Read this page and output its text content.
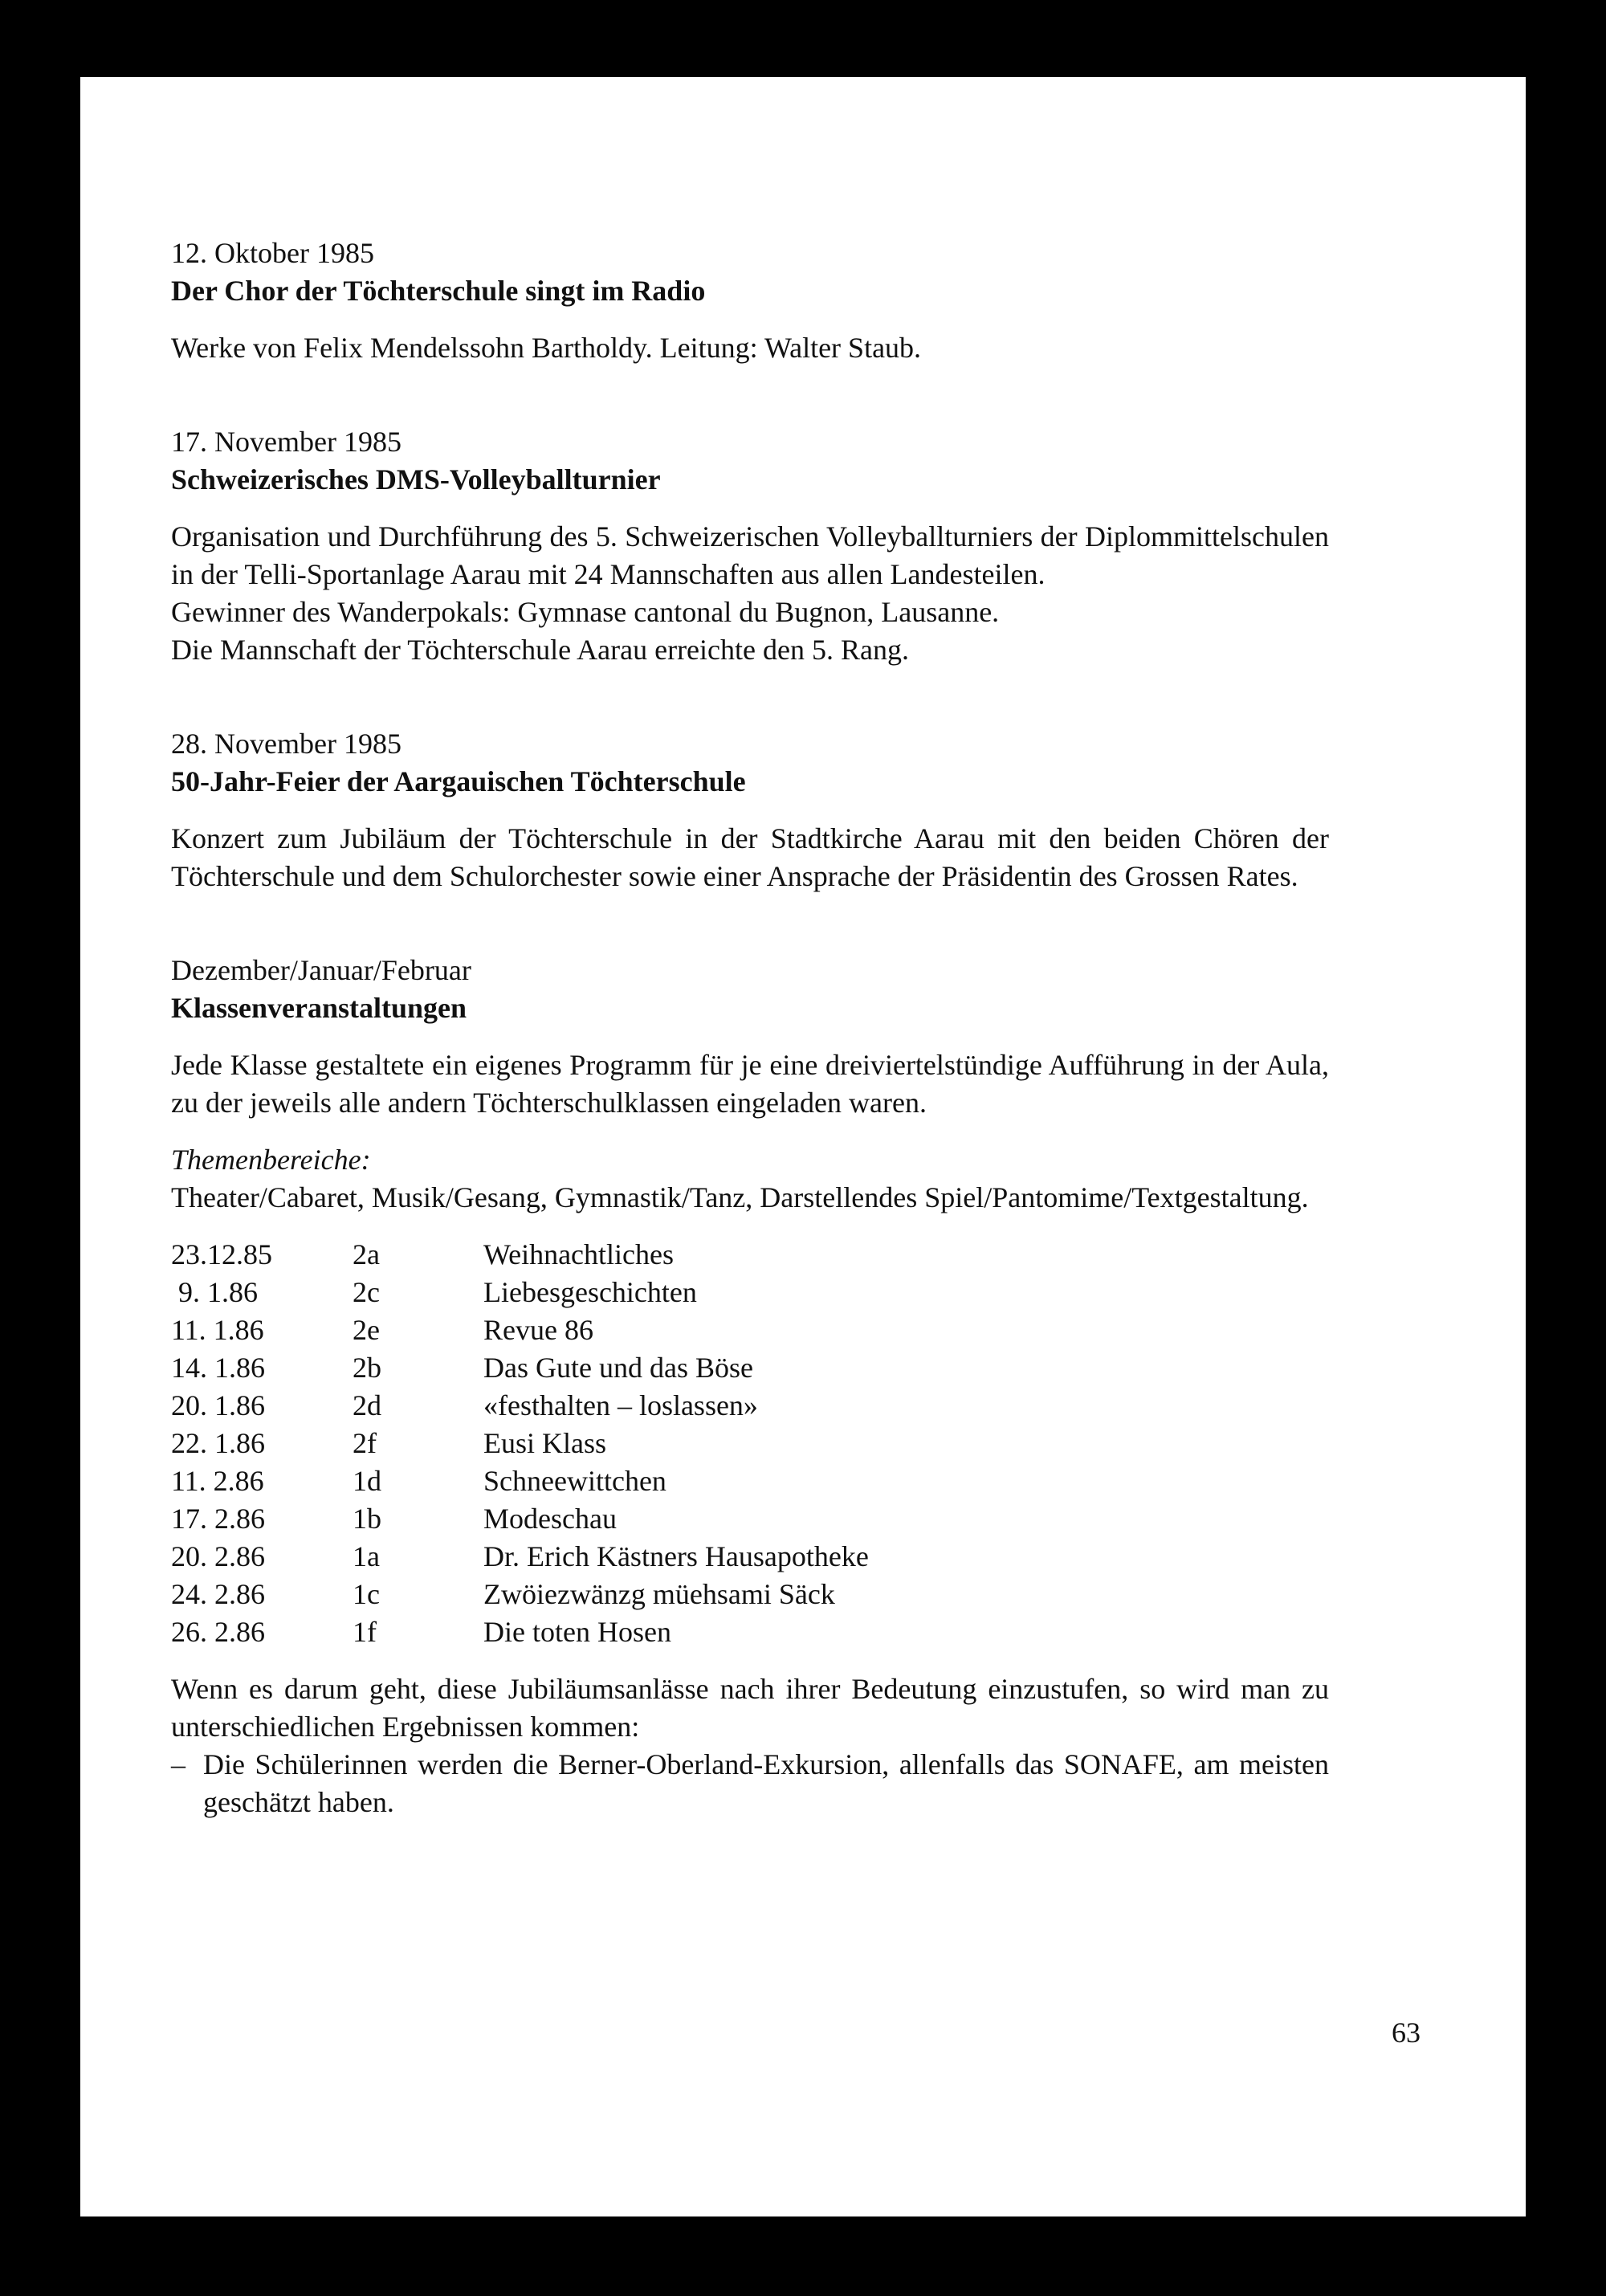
12. Oktober 1985

Der Chor der Töchterschule singt im Radio

Werke von Felix Mendelssohn Bartholdy. Leitung: Walter Staub.

17. November 1985

Schweizerisches DMS-Volleyballturnier

Organisation und Durchführung des 5. Schweizerischen Volleyballturniers der Diplommittelschulen in der Telli-Sportanlage Aarau mit 24 Mannschaften aus allen Landesteilen.

Gewinner des Wanderpokals: Gymnase cantonal du Bugnon, Lausanne.

Die Mannschaft der Töchterschule Aarau erreichte den 5. Rang.

28. November 1985

50-Jahr-Feier der Aargauischen Töchterschule

Konzert zum Jubiläum der Töchterschule in der Stadtkirche Aarau mit den beiden Chören der Töchterschule und dem Schulorchester sowie einer Ansprache der Präsidentin des Grossen Rates.

Dezember/Januar/Februar

Klassenveranstaltungen

Jede Klasse gestaltete ein eigenes Programm für je eine dreiviertelstündige Aufführung in der Aula, zu der jeweils alle andern Töchterschulklassen eingeladen waren.

Themenbereiche:

Theater/Cabaret, Musik/Gesang, Gymnastik/Tanz, Darstellendes Spiel/Pantomime/Textgestaltung.

23.12.85	2a	Weihnachtliches
9. 1.86	2c	Liebesgeschichten
11. 1.86	2e	Revue 86
14. 1.86	2b	Das Gute und das Böse
20. 1.86	2d	«festhalten – loslassen»
22. 1.86	2f	Eusi Klass
11. 2.86	1d	Schneewittchen
17. 2.86	1b	Modeschau
20. 2.86	1a	Dr. Erich Kästners Hausapotheke
24. 2.86	1c	Zwöiezwänzg müehsami Säck
26. 2.86	1f	Die toten Hosen

Wenn es darum geht, diese Jubiläumsanlässe nach ihrer Bedeutung einzustufen, so wird man zu unterschiedlichen Ergebnissen kommen:

– Die Schülerinnen werden die Berner-Oberland-Exkursion, allenfalls das SONAFE, am meisten geschätzt haben.
63
